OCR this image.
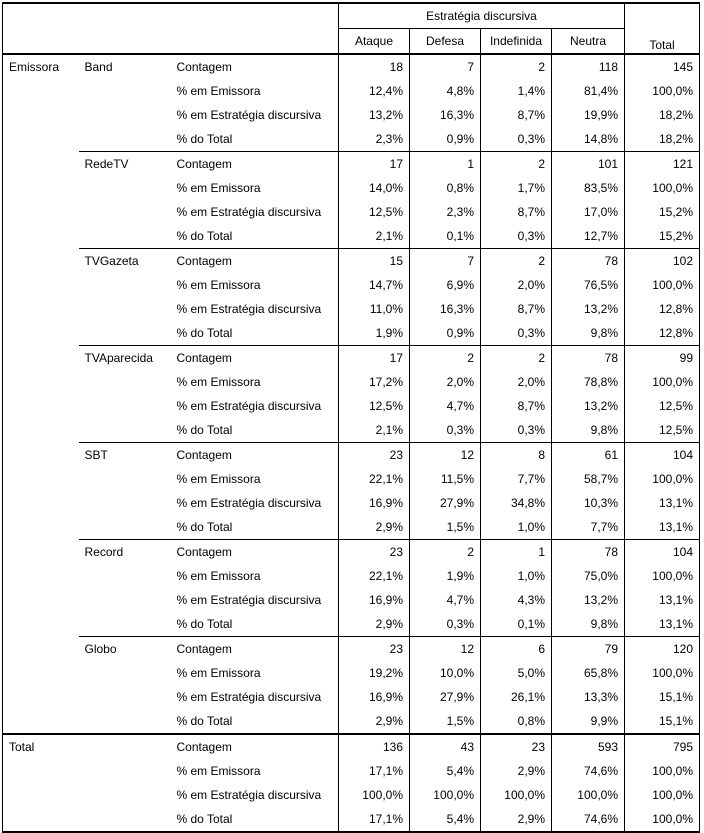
			Estratégia discursiva				Total
			Ataque	Defesa	Indefinida	Neutra	
Emissora	Band	Contagem	18	7	2	118	145
		% em Emissora	12,4%	4,8%	1,4%	81,4%	100,0%
		% em Estratégia discursiva	13,2%	16,3%	8,7%	19,9%	18,2%
		% do Total	2,3%	0,9%	0,3%	14,8%	18,2%
	RedeTV	Contagem	17	1	2	101	121
		% em Emissora	14,0%	0,8%	1,7%	83,5%	100,0%
		% em Estratégia discursiva	12,5%	2,3%	8,7%	17,0%	15,2%
		% do Total	2,1%	0,1%	0,3%	12,7%	15,2%
	TVGazeta	Contagem	15	7	2	78	102
		% em Emissora	14,7%	6,9%	2,0%	76,5%	100,0%
		% em Estratégia discursiva	11,0%	16,3%	8,7%	13,2%	12,8%
		% do Total	1,9%	0,9%	0,3%	9,8%	12,8%
	TVAparecida	Contagem	17	2	2	78	99
		% em Emissora	17,2%	2,0%	2,0%	78,8%	100,0%
		% em Estratégia discursiva	12,5%	4,7%	8,7%	13,2%	12,5%
		% do Total	2,1%	0,3%	0,3%	9,8%	12,5%
	SBT	Contagem	23	12	8	61	104
		% em Emissora	22,1%	11,5%	7,7%	58,7%	100,0%
		% em Estratégia discursiva	16,9%	27,9%	34,8%	10,3%	13,1%
		% do Total	2,9%	1,5%	1,0%	7,7%	13,1%
	Record	Contagem	23	2	1	78	104
		% em Emissora	22,1%	1,9%	1,0%	75,0%	100,0%
		% em Estratégia discursiva	16,9%	4,7%	4,3%	13,2%	13,1%
		% do Total	2,9%	0,3%	0,1%	9,8%	13,1%
	Globo	Contagem	23	12	6	79	120
		% em Emissora	19,2%	10,0%	5,0%	65,8%	100,0%
		% em Estratégia discursiva	16,9%	27,9%	26,1%	13,3%	15,1%
		% do Total	2,9%	1,5%	0,8%	9,9%	15,1%
Total		Contagem	136	43	23	593	795
		% em Emissora	17,1%	5,4%	2,9%	74,6%	100,0%
		% em Estratégia discursiva	100,0%	100,0%	100,0%	100,0%	100,0%
		% do Total	17,1%	5,4%	2,9%	74,6%	100,0%
